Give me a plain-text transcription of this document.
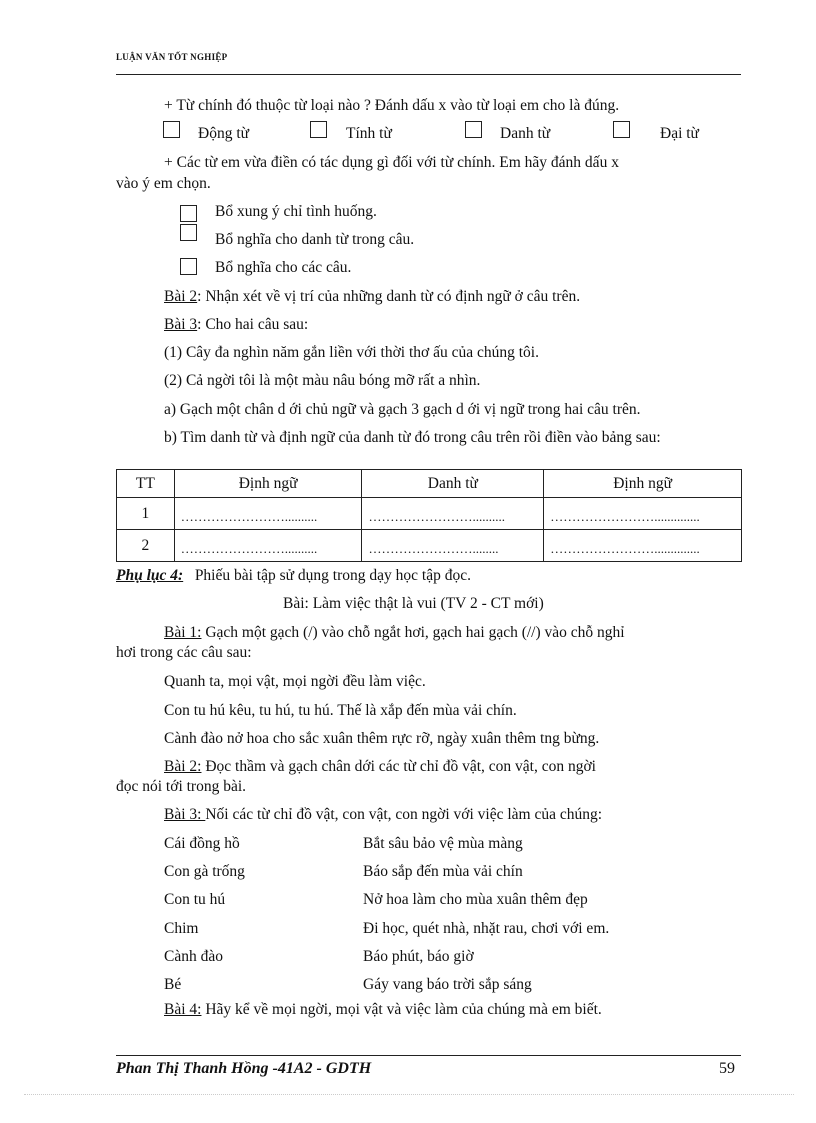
LUẬN VĂN TỐT NGHIỆP
+ Từ chính đó thuộc từ loại nào ? Đánh dấu x vào từ loại em cho là đúng.
Động từ	Tính từ	Danh từ	Đại từ
+ Các từ em vừa điền có tác dụng gì đối với từ chính. Em hãy đánh dấu x
vào ý em chọn.
Bổ xung ý chỉ tình huống.
Bổ nghĩa cho danh từ trong câu.
Bổ nghĩa cho các câu.
Bài 2: Nhận xét về vị trí của những danh từ có định ngữ ở câu trên.
Bài 3: Cho hai câu sau:
(1) Cây đa nghìn năm gắn liền với thời thơ ấu của chúng tôi.
(2) Cả ngời tôi là một màu nâu bóng mỡ rất a nhìn.
a) Gạch một chân d ới chủ ngữ và gạch 3 gạch d ới vị ngữ trong hai câu trên.
b) Tìm danh từ và định ngữ của danh từ đó trong câu trên rồi điền vào bảng sau:
TT	Định ngữ	Danh từ	Định ngữ
1	……………………..........	……………………..........	……………………..............
2	……………………..........	……………………........	……………………..............
Phụ lục 4: Phiếu bài tập sử dụng trong dạy học tập đọc.
Bài: Làm việc thật là vui (TV 2 - CT mới)
Bài 1: Gạch một gạch (/) vào chỗ ngắt hơi, gạch hai gạch (//) vào chỗ nghỉ
hơi trong các câu sau:
Quanh ta, mọi vật, mọi ngời đều làm việc.
Con tu hú kêu, tu hú, tu hú. Thế là xắp đến mùa vải chín.
Cành đào nở hoa cho sắc xuân thêm rực rỡ, ngày xuân thêm tng bừng.
Bài 2: Đọc thầm và gạch chân dới các từ chỉ đồ vật, con vật, con ngời
đọc nói tới trong bài.
Bài 3: Nối các từ chỉ đồ vật, con vật, con ngời với việc làm của chúng:
Cái đồng hồ	Bắt sâu bảo vệ mùa màng
Con gà trống	Báo sắp đến mùa vải chín
Con tu hú	Nở hoa làm cho mùa xuân thêm đẹp
Chim	Đi học, quét nhà, nhặt rau, chơi với em.
Cành đào	Báo phút, báo giờ
Bé	Gáy vang báo trời sắp sáng
Bài 4: Hãy kể về mọi ngời, mọi vật và việc làm của chúng mà em biết.
Phan Thị Thanh Hồng -41A2 - GDTH	59
